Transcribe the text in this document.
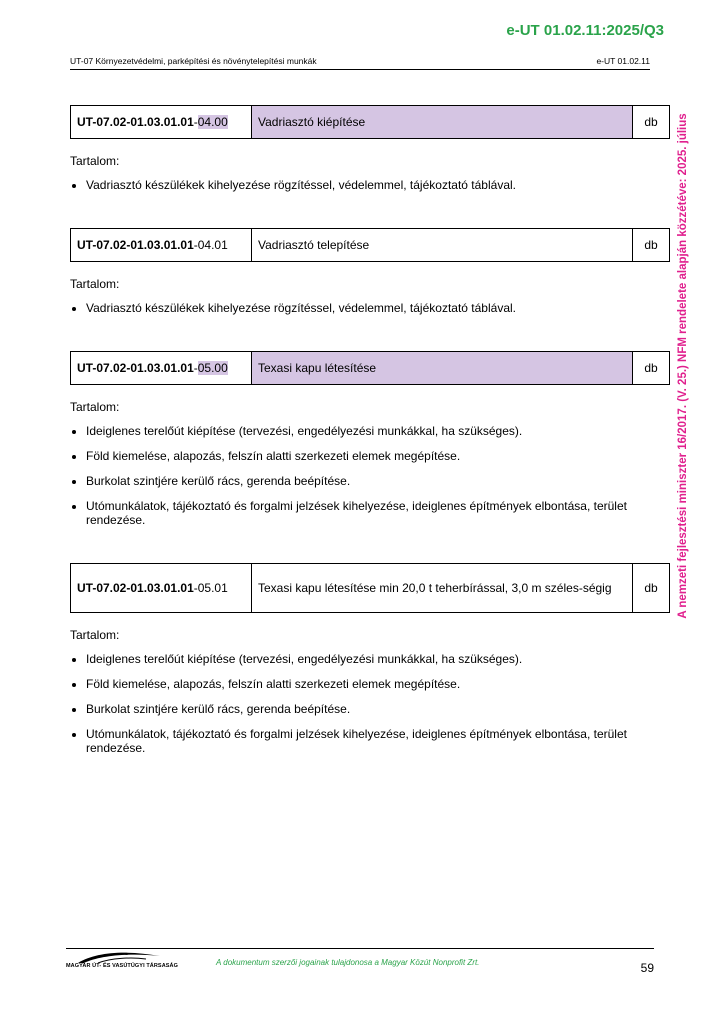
e-UT 01.02.11:2025/Q3
UT-07 Környezetvédelmi, parképítési és növénytelepítési munkák	e-UT 01.02.11
A nemzeti fejlesztési miniszter 16/2017. (V. 25.) NFM rendelete alapján közzétéve: 2025. július
UT-07.02-01.03.01.01-04.00	Vadriasztó kiépítése	db

Tartalom:

• Vadriasztó készülékek kihelyezése rögzítéssel, védelemmel, tájékoztató táblával.
UT-07.02-01.03.01.01-04.01	Vadriasztó telepítése	db

Tartalom:

• Vadriasztó készülékek kihelyezése rögzítéssel, védelemmel, tájékoztató táblával.
UT-07.02-01.03.01.01-05.00	Texasi kapu létesítése	db

Tartalom:

• Ideiglenes terelőút kiépítése (tervezési, engedélyezési munkákkal, ha szükséges).
• Föld kiemelése, alapozás, felszín alatti szerkezeti elemek megépítése.
• Burkolat szintjére kerülő rács, gerenda beépítése.
• Utómunkálatok, tájékoztató és forgalmi jelzések kihelyezése, ideiglenes építmények elbontása, terület rendezése.
UT-07.02-01.03.01.01-05.01	Texasi kapu létesítése min 20,0 t teherbírással, 3,0 m széles-ségig	db

Tartalom:

• Ideiglenes terelőút kiépítése (tervezési, engedélyezési munkákkal, ha szükséges).
• Föld kiemelése, alapozás, felszín alatti szerkezeti elemek megépítése.
• Burkolat szintjére kerülő rács, gerenda beépítése.
• Utómunkálatok, tájékoztató és forgalmi jelzések kihelyezése, ideiglenes építmények elbontása, terület rendezése.
MAGYAR ÚT- ÉS VASÚTÜGYI TÁRSASÁG	A dokumentum szerzői jogainak tulajdonosa a Magyar Közút Nonprofit Zrt.	59
